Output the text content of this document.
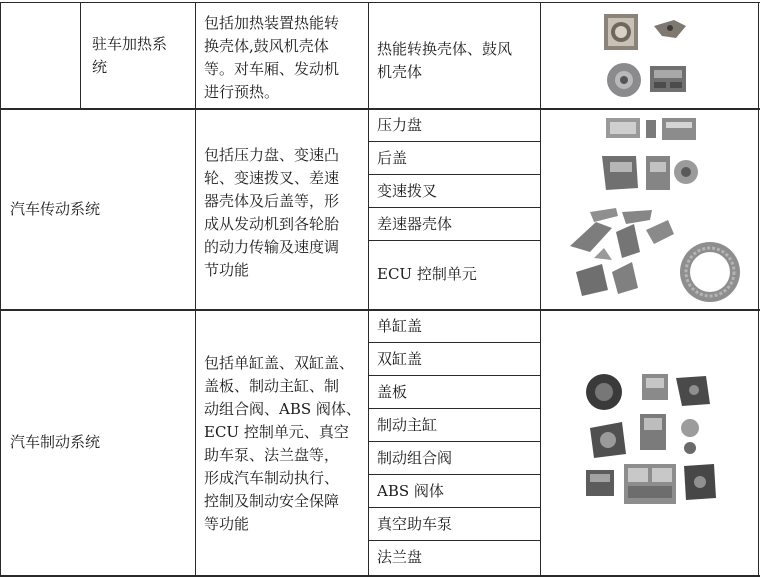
驻车加热系
统
包括加热装置热能转
换壳体,鼓风机壳体
等。对车厢、发动机
进行预热。
热能转换壳体、鼓风
机壳体
汽车传动系统
包括压力盘、变速凸
轮、变速拨叉、差速
器壳体及后盖等，形
成从发动机到各轮胎
的动力传输及速度调
节功能
压力盘
后盖
变速拨叉
差速器壳体
ECU 控制单元
汽车制动系统
包括单缸盖、双缸盖、
盖板、制动主缸、制
动组合阀、ABS 阀体、
ECU 控制单元、真空
助车泵、法兰盘等，
形成汽车制动执行、
控制及制动安全保障
等功能
单缸盖
双缸盖
盖板
制动主缸
制动组合阀
ABS 阀体
真空助车泵
法兰盘
